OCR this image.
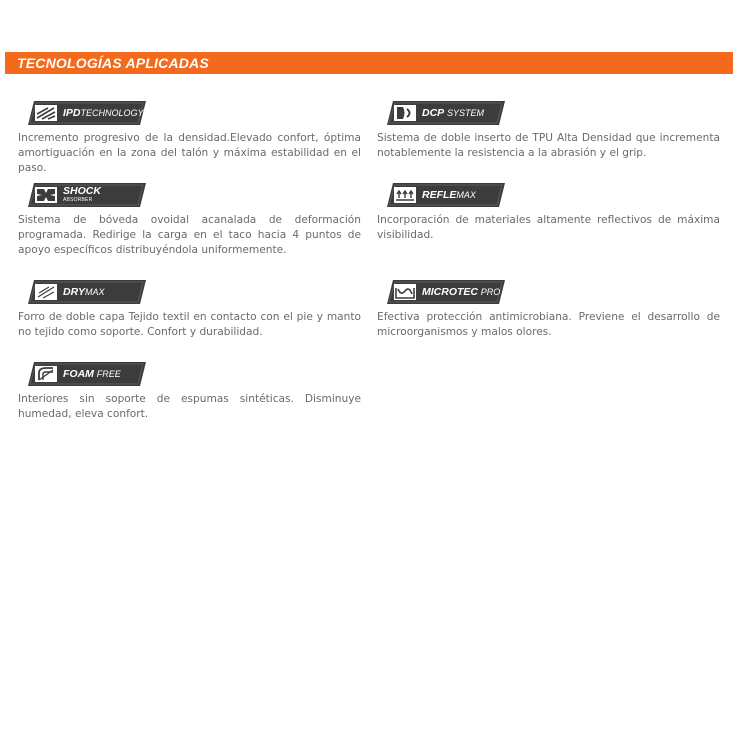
TECNOLOGÍAS APLICADAS
IPDTECHNOLOGY

Incremento progresivo de la densidad.Elevado confort, óptima amortiguación en la zona del talón y máxima estabilidad en el paso.

DCP SYSTEM

Sistema de doble inserto de TPU Alta Densidad que incrementa notablemente la resistencia a la abrasión y el grip.

SHOCK
ABSORBER

Sistema de bóveda ovoidal acanalada de deformación programada. Redirige la carga en el taco hacia 4 puntos de apoyo específicos distribuyéndola uniformemente.

REFLEMAX

Incorporación de materiales altamente reflectivos de máxima visibilidad.

DRYMAX

Forro de doble capa Tejido textil en contacto con el pie y manto no tejido como soporte. Confort y durabilidad.

MICROTEC PRO

Efectiva protección antimicrobiana. Previene el desarrollo de microorganismos y malos olores.

FOAM FREE

Interiores sin soporte de espumas sintéticas. Disminuye humedad, eleva confort.
